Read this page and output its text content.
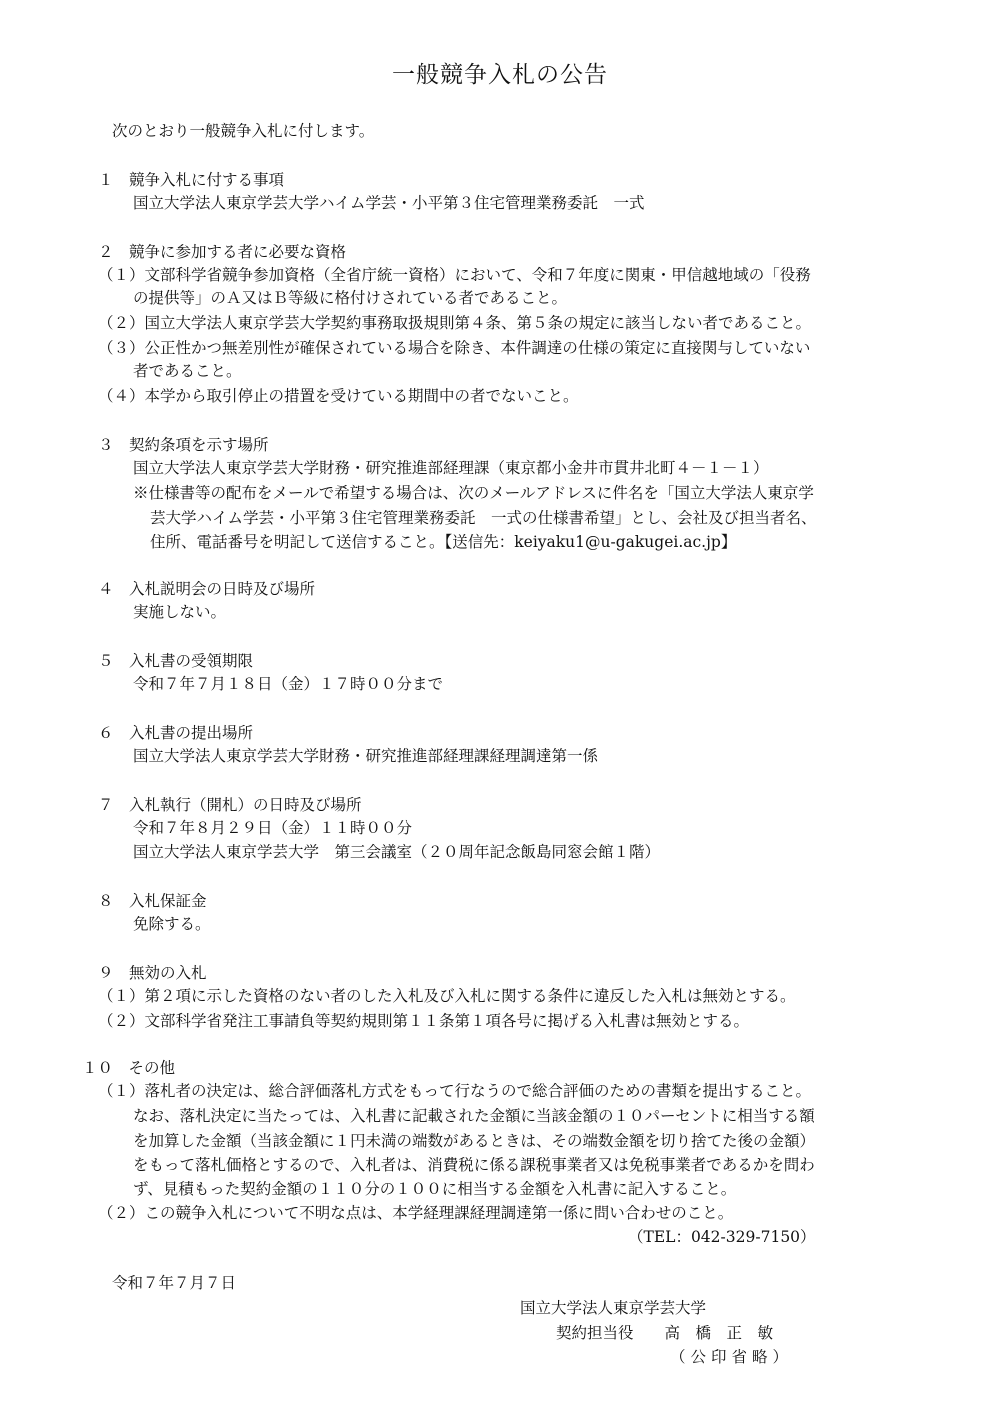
一般競争入札の公告
次のとおり一般競争入札に付します。
１　競争入札に付する事項
国立大学法人東京学芸大学ハイム学芸・小平第３住宅管理業務委託　一式
２　競争に参加する者に必要な資格
（１）文部科学省競争参加資格（全省庁統一資格）において、令和７年度に関東・甲信越地域の「役務
の提供等」のＡ又はＢ等級に格付けされている者であること。
（２）国立大学法人東京学芸大学契約事務取扱規則第４条、第５条の規定に該当しない者であること。
（３）公正性かつ無差別性が確保されている場合を除き、本件調達の仕様の策定に直接関与していない
者であること。
（４）本学から取引停止の措置を受けている期間中の者でないこと。
３　契約条項を示す場所
国立大学法人東京学芸大学財務・研究推進部経理課（東京都小金井市貫井北町４－１－１）
※仕様書等の配布をメールで希望する場合は、次のメールアドレスに件名を「国立大学法人東京学
芸大学ハイム学芸・小平第３住宅管理業務委託　一式の仕様書希望」とし、会社及び担当者名、
住所、電話番号を明記して送信すること。【送信先：keiyaku1@u-gakugei.ac.jp】
４　入札説明会の日時及び場所
実施しない。
５　入札書の受領期限
令和７年７月１８日（金）１７時００分まで
６　入札書の提出場所
国立大学法人東京学芸大学財務・研究推進部経理課経理調達第一係
７　入札執行（開札）の日時及び場所
令和７年８月２９日（金）１１時００分
国立大学法人東京学芸大学　第三会議室（２０周年記念飯島同窓会館１階）
８　入札保証金
免除する。
９　無効の入札
（１）第２項に示した資格のない者のした入札及び入札に関する条件に違反した入札は無効とする。
（２）文部科学省発注工事請負等契約規則第１１条第１項各号に掲げる入札書は無効とする。
１０　その他
（１）落札者の決定は、総合評価落札方式をもって行なうので総合評価のための書類を提出すること。
なお、落札決定に当たっては、入札書に記載された金額に当該金額の１０パーセントに相当する額
を加算した金額（当該金額に１円未満の端数があるときは、その端数金額を切り捨てた後の金額）
をもって落札価格とするので、入札者は、消費税に係る課税事業者又は免税事業者であるかを問わ
ず、見積もった契約金額の１１０分の１００に相当する金額を入札書に記入すること。
（２）この競争入札について不明な点は、本学経理課経理調達第一係に問い合わせのこと。
（TEL：042-329-7150）
令和７年７月７日
国立大学法人東京学芸大学
契約担当役　　高　橋　正　敏
（公印省略）
